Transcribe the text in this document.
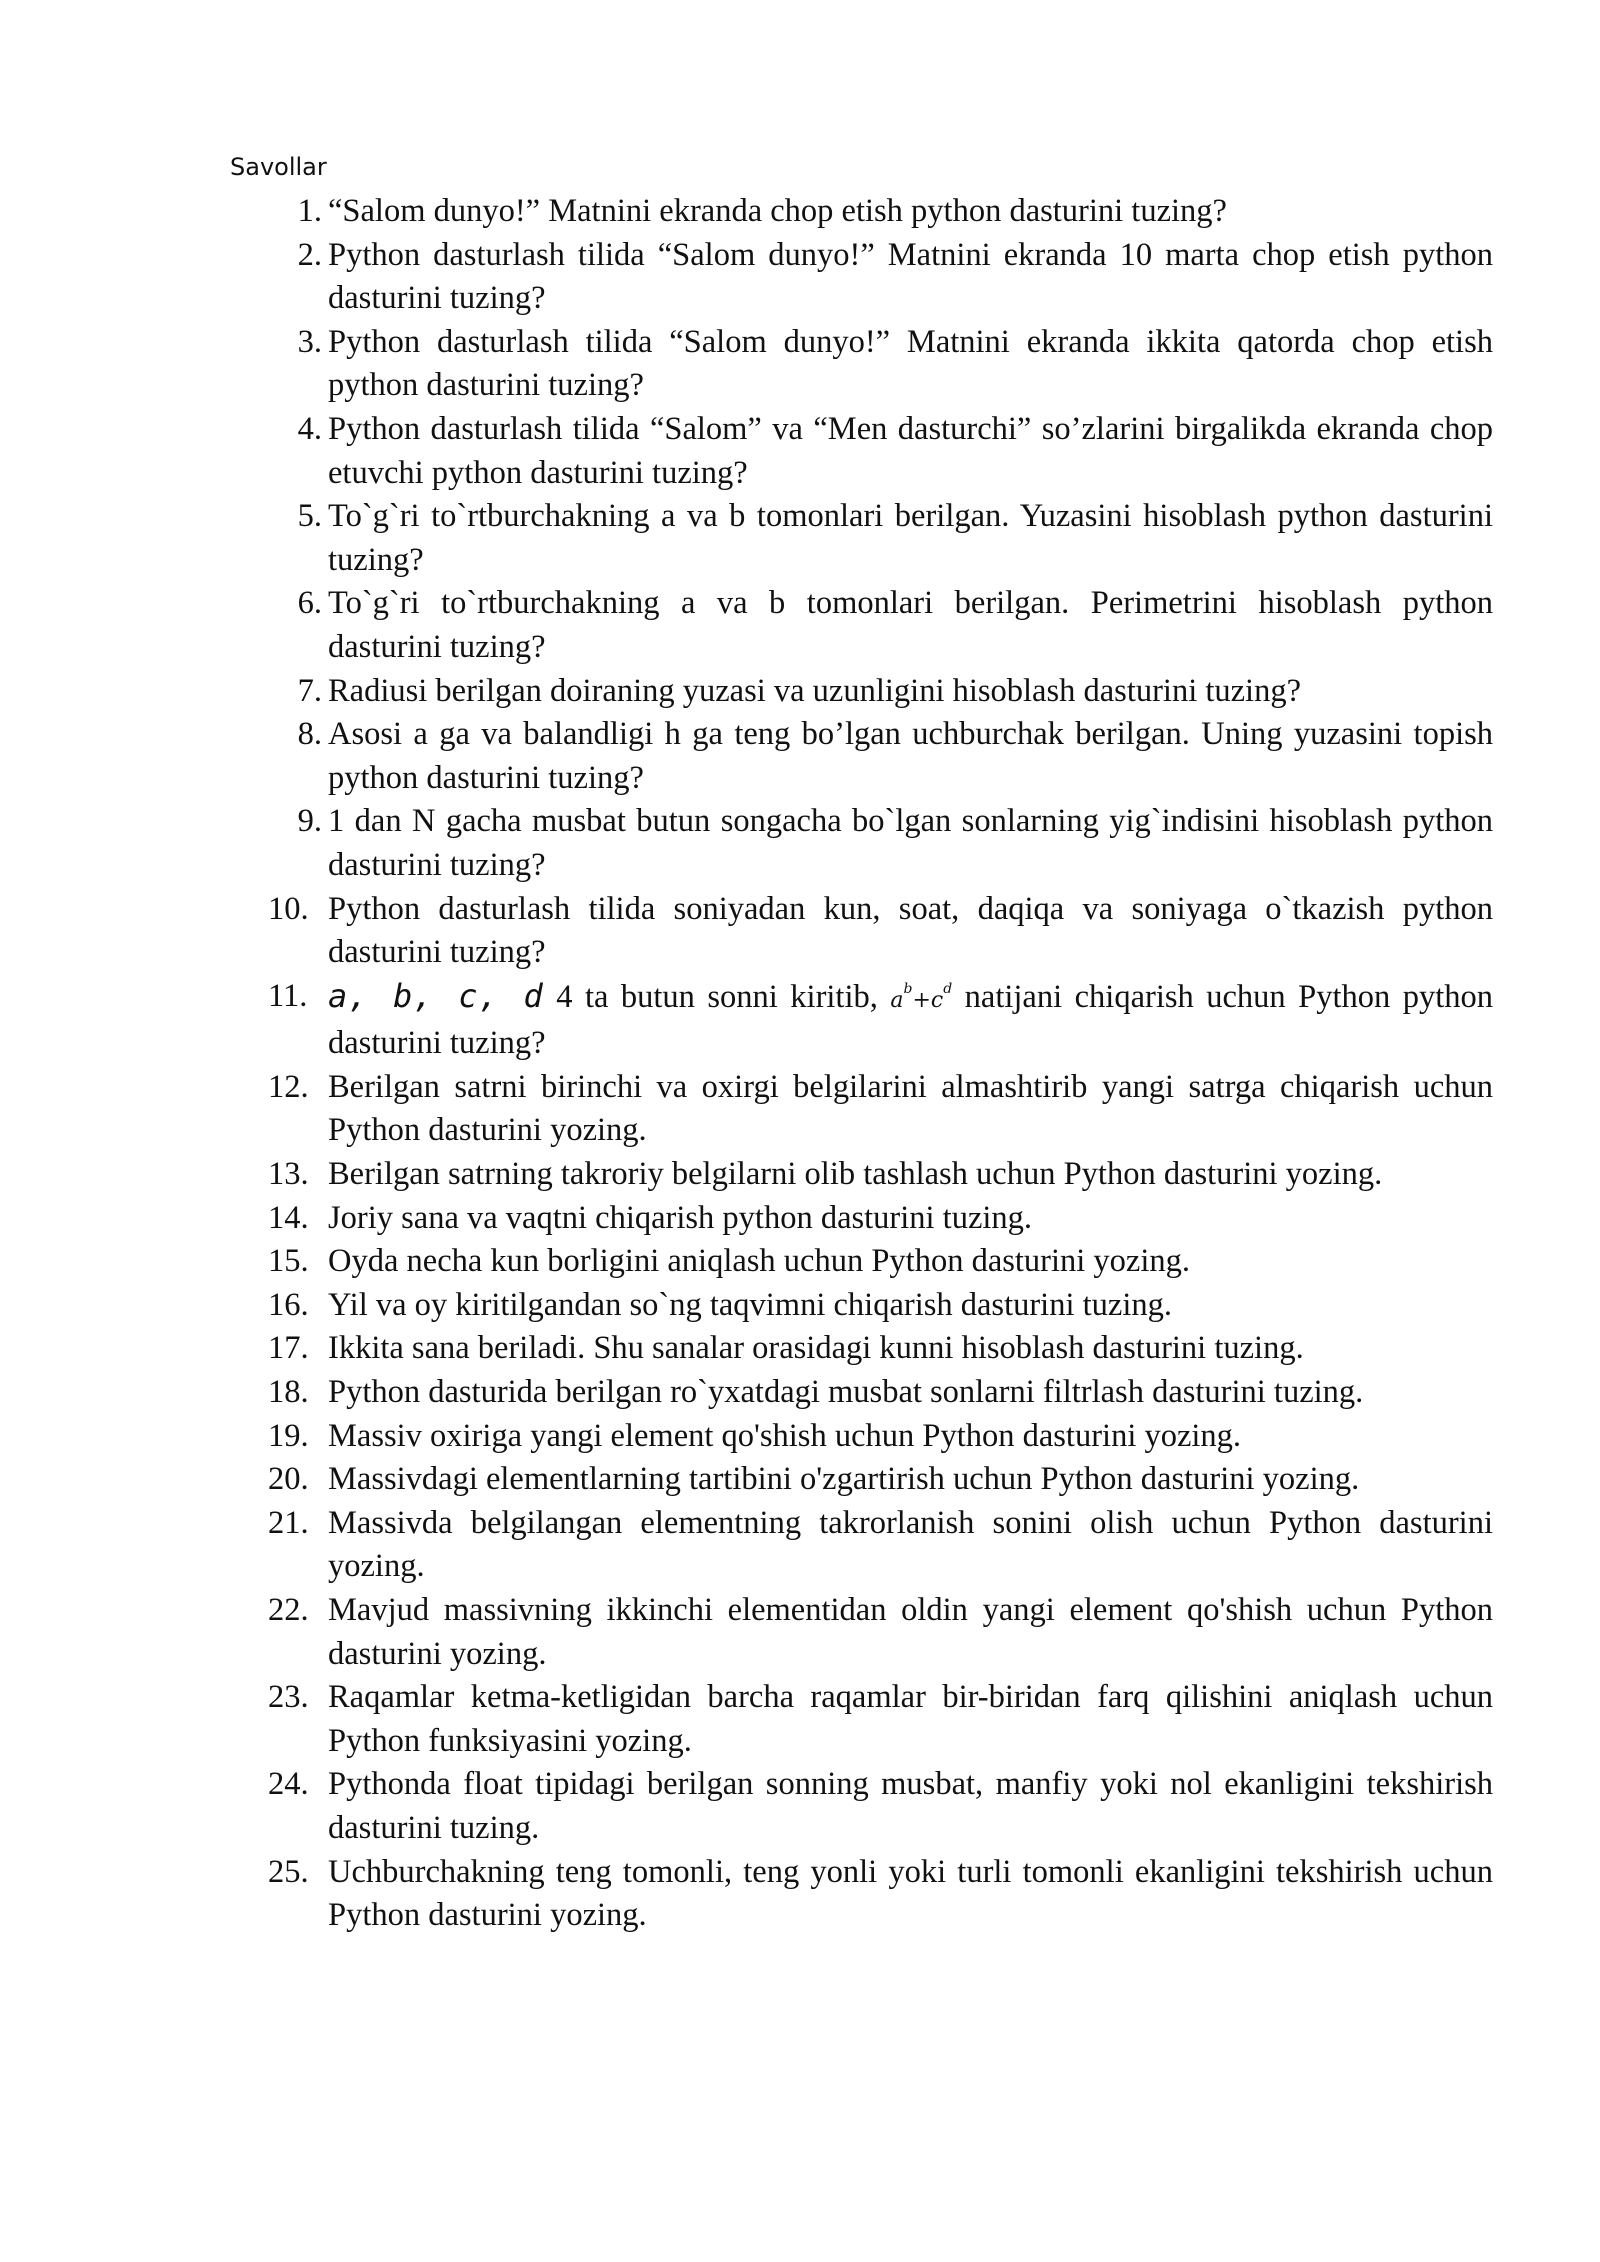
Savollar
1. “Salom dunyo!” Matnini ekranda chop etish python dasturini tuzing?
2. Python dasturlash tilida “Salom dunyo!” Matnini ekranda 10 marta chop etish python dasturini tuzing?
3. Python dasturlash tilida “Salom dunyo!” Matnini ekranda ikkita qatorda chop etish python dasturini tuzing?
4. Python dasturlash tilida “Salom” va “Men dasturchi” so’zlarini birgalikda ekranda chop etuvchi python dasturini tuzing?
5. To`g`ri to`rtburchakning a va b tomonlari berilgan. Yuzasini hisoblash python dasturini tuzing?
6. To`g`ri to`rtburchakning a va b tomonlari berilgan. Perimetrini hisoblash python dasturini tuzing?
7. Radiusi berilgan doiraning yuzasi va uzunligini hisoblash dasturini tuzing?
8. Asosi a ga va balandligi h ga teng bo’lgan uchburchak berilgan. Uning yuzasini topish python dasturini tuzing?
9. 1 dan N gacha musbat butun songacha bo`lgan sonlarning yig`indisini hisoblash python dasturini tuzing?
10. Python dasturlash tilida soniyadan kun, soat, daqiqa va soniyaga o`tkazish python dasturini tuzing?
11. a, b, c, d 4 ta butun sonni kiritib, $a^b+c^d$ natijani chiqarish uchun Python python dasturini tuzing?
12. Berilgan satrni birinchi va oxirgi belgilarini almashtirib yangi satrga chiqarish uchun Python dasturini yozing.
13. Berilgan satrning takroriy belgilarni olib tashlash uchun Python dasturini yozing.
14. Joriy sana va vaqtni chiqarish python dasturini tuzing.
15. Oyda necha kun borligini aniqlash uchun Python dasturini yozing.
16. Yil va oy kiritilgandan so`ng taqvimni chiqarish dasturini tuzing.
17. Ikkita sana beriladi. Shu sanalar orasidagi kunni hisoblash dasturini tuzing.
18. Python dasturida berilgan ro`yxatdagi musbat sonlarni filtrlash dasturini tuzing.
19. Massiv oxiriga yangi element qo'shish uchun Python dasturini yozing.
20. Massivdagi elementlarning tartibini o'zgartirish uchun Python dasturini yozing.
21. Massivda belgilangan elementning takrorlanish sonini olish uchun Python dasturini yozing.
22. Mavjud massivning ikkinchi elementidan oldin yangi element qo'shish uchun Python dasturini yozing.
23. Raqamlar ketma-ketligidan barcha raqamlar bir-biridan farq qilishini aniqlash uchun Python funksiyasini yozing.
24. Pythonda float tipidagi berilgan sonning musbat, manfiy yoki nol ekanligini tekshirish dasturini tuzing.
25. Uchburchakning teng tomonli, teng yonli yoki turli tomonli ekanligini tekshirish uchun Python dasturini yozing.
